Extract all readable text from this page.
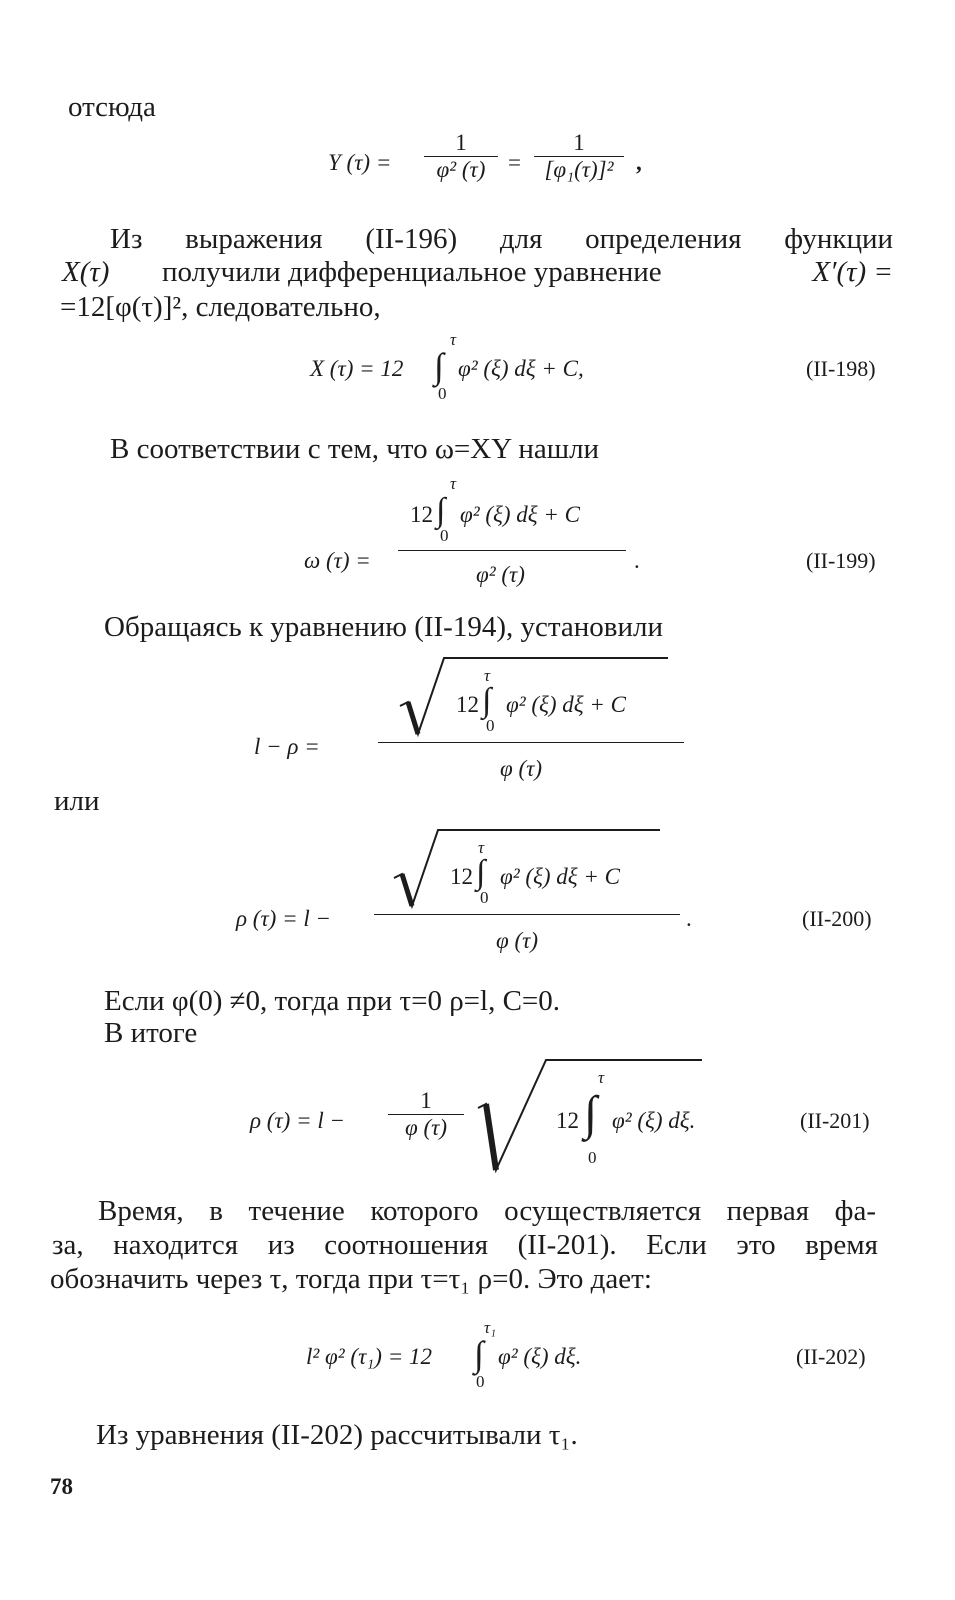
отсюда

Y (τ) =
1
φ² (τ) =
1
[φ₁(τ)]² ,

Из выражения (II-196) для определения функции

X(τ) получили дифференциальное уравнение	X′(τ) =

=12[φ(τ)]², следовательно,

τ
X (τ) = 12 ∫ φ² (ξ) dξ + C,
0
(II-198)

В соответствии с тем, что ω=XY нашли

ω (τ) =
τ
12 ∫ φ² (ξ) dξ + C
0
φ² (τ)
.	(II-199)

Обращаясь к уравнению (II-194), установили

l − ρ =
τ
12 ∫ φ² (ξ) dξ + C
0
φ (τ)

или

ρ (τ) = l −
τ
12 ∫ φ² (ξ) dξ + C
0
φ (τ)
.	(II-200)

Если φ(0) ≠0, тогда при τ=0 ρ=l, C=0.

В итоге

ρ (τ) = l −
1
φ (τ)
τ
12 ∫ φ² (ξ) dξ.
0
(II-201)

Время, в течение которого осуществляется первая фа-

за, находится из соотношения (II-201). Если это время

обозначить через τ, тогда при τ=τ₁ ρ=0. Это дает:

τ₁
l² φ² (τ₁) = 12 ∫ φ² (ξ) dξ.
0
(II-202)

Из уравнения (II-202) рассчитывали τ₁.

78
